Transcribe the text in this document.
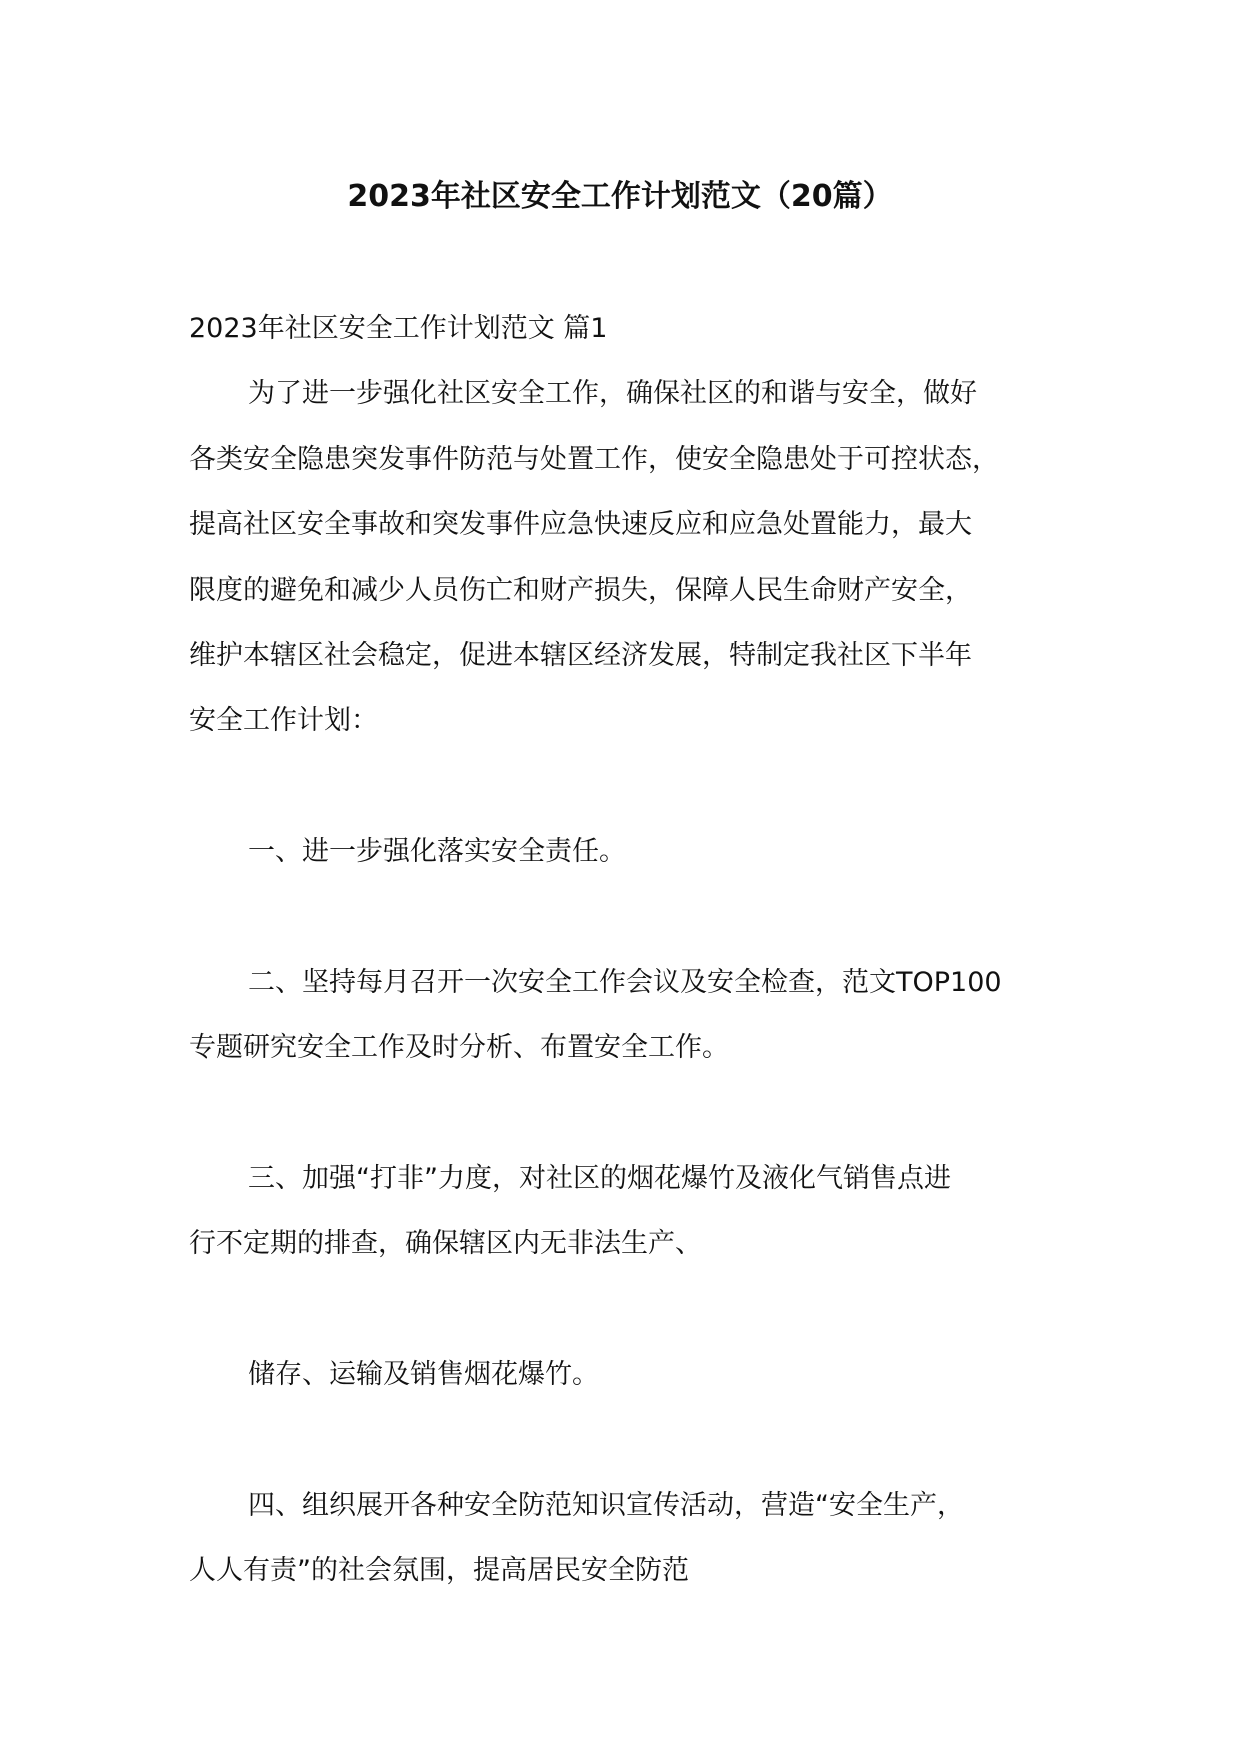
2023年社区安全工作计划范文（20篇）
2023年社区安全工作计划范文 篇1
为了进一步强化社区安全工作，确保社区的和谐与安全，做好
各类安全隐患突发事件防范与处置工作，使安全隐患处于可控状态，
提高社区安全事故和突发事件应急快速反应和应急处置能力，最大
限度的避免和减少人员伤亡和财产损失，保障人民生命财产安全，
维护本辖区社会稳定，促进本辖区经济发展，特制定我社区下半年
安全工作计划：
一、进一步强化落实安全责任。
二、坚持每月召开一次安全工作会议及安全检查，范文TOP100
专题研究安全工作及时分析、布置安全工作。
三、加强“打非”力度，对社区的烟花爆竹及液化气销售点进
行不定期的排查，确保辖区内无非法生产、
储存、运输及销售烟花爆竹。
四、组织展开各种安全防范知识宣传活动，营造“安全生产，
人人有责”的社会氛围，提高居民安全防范
